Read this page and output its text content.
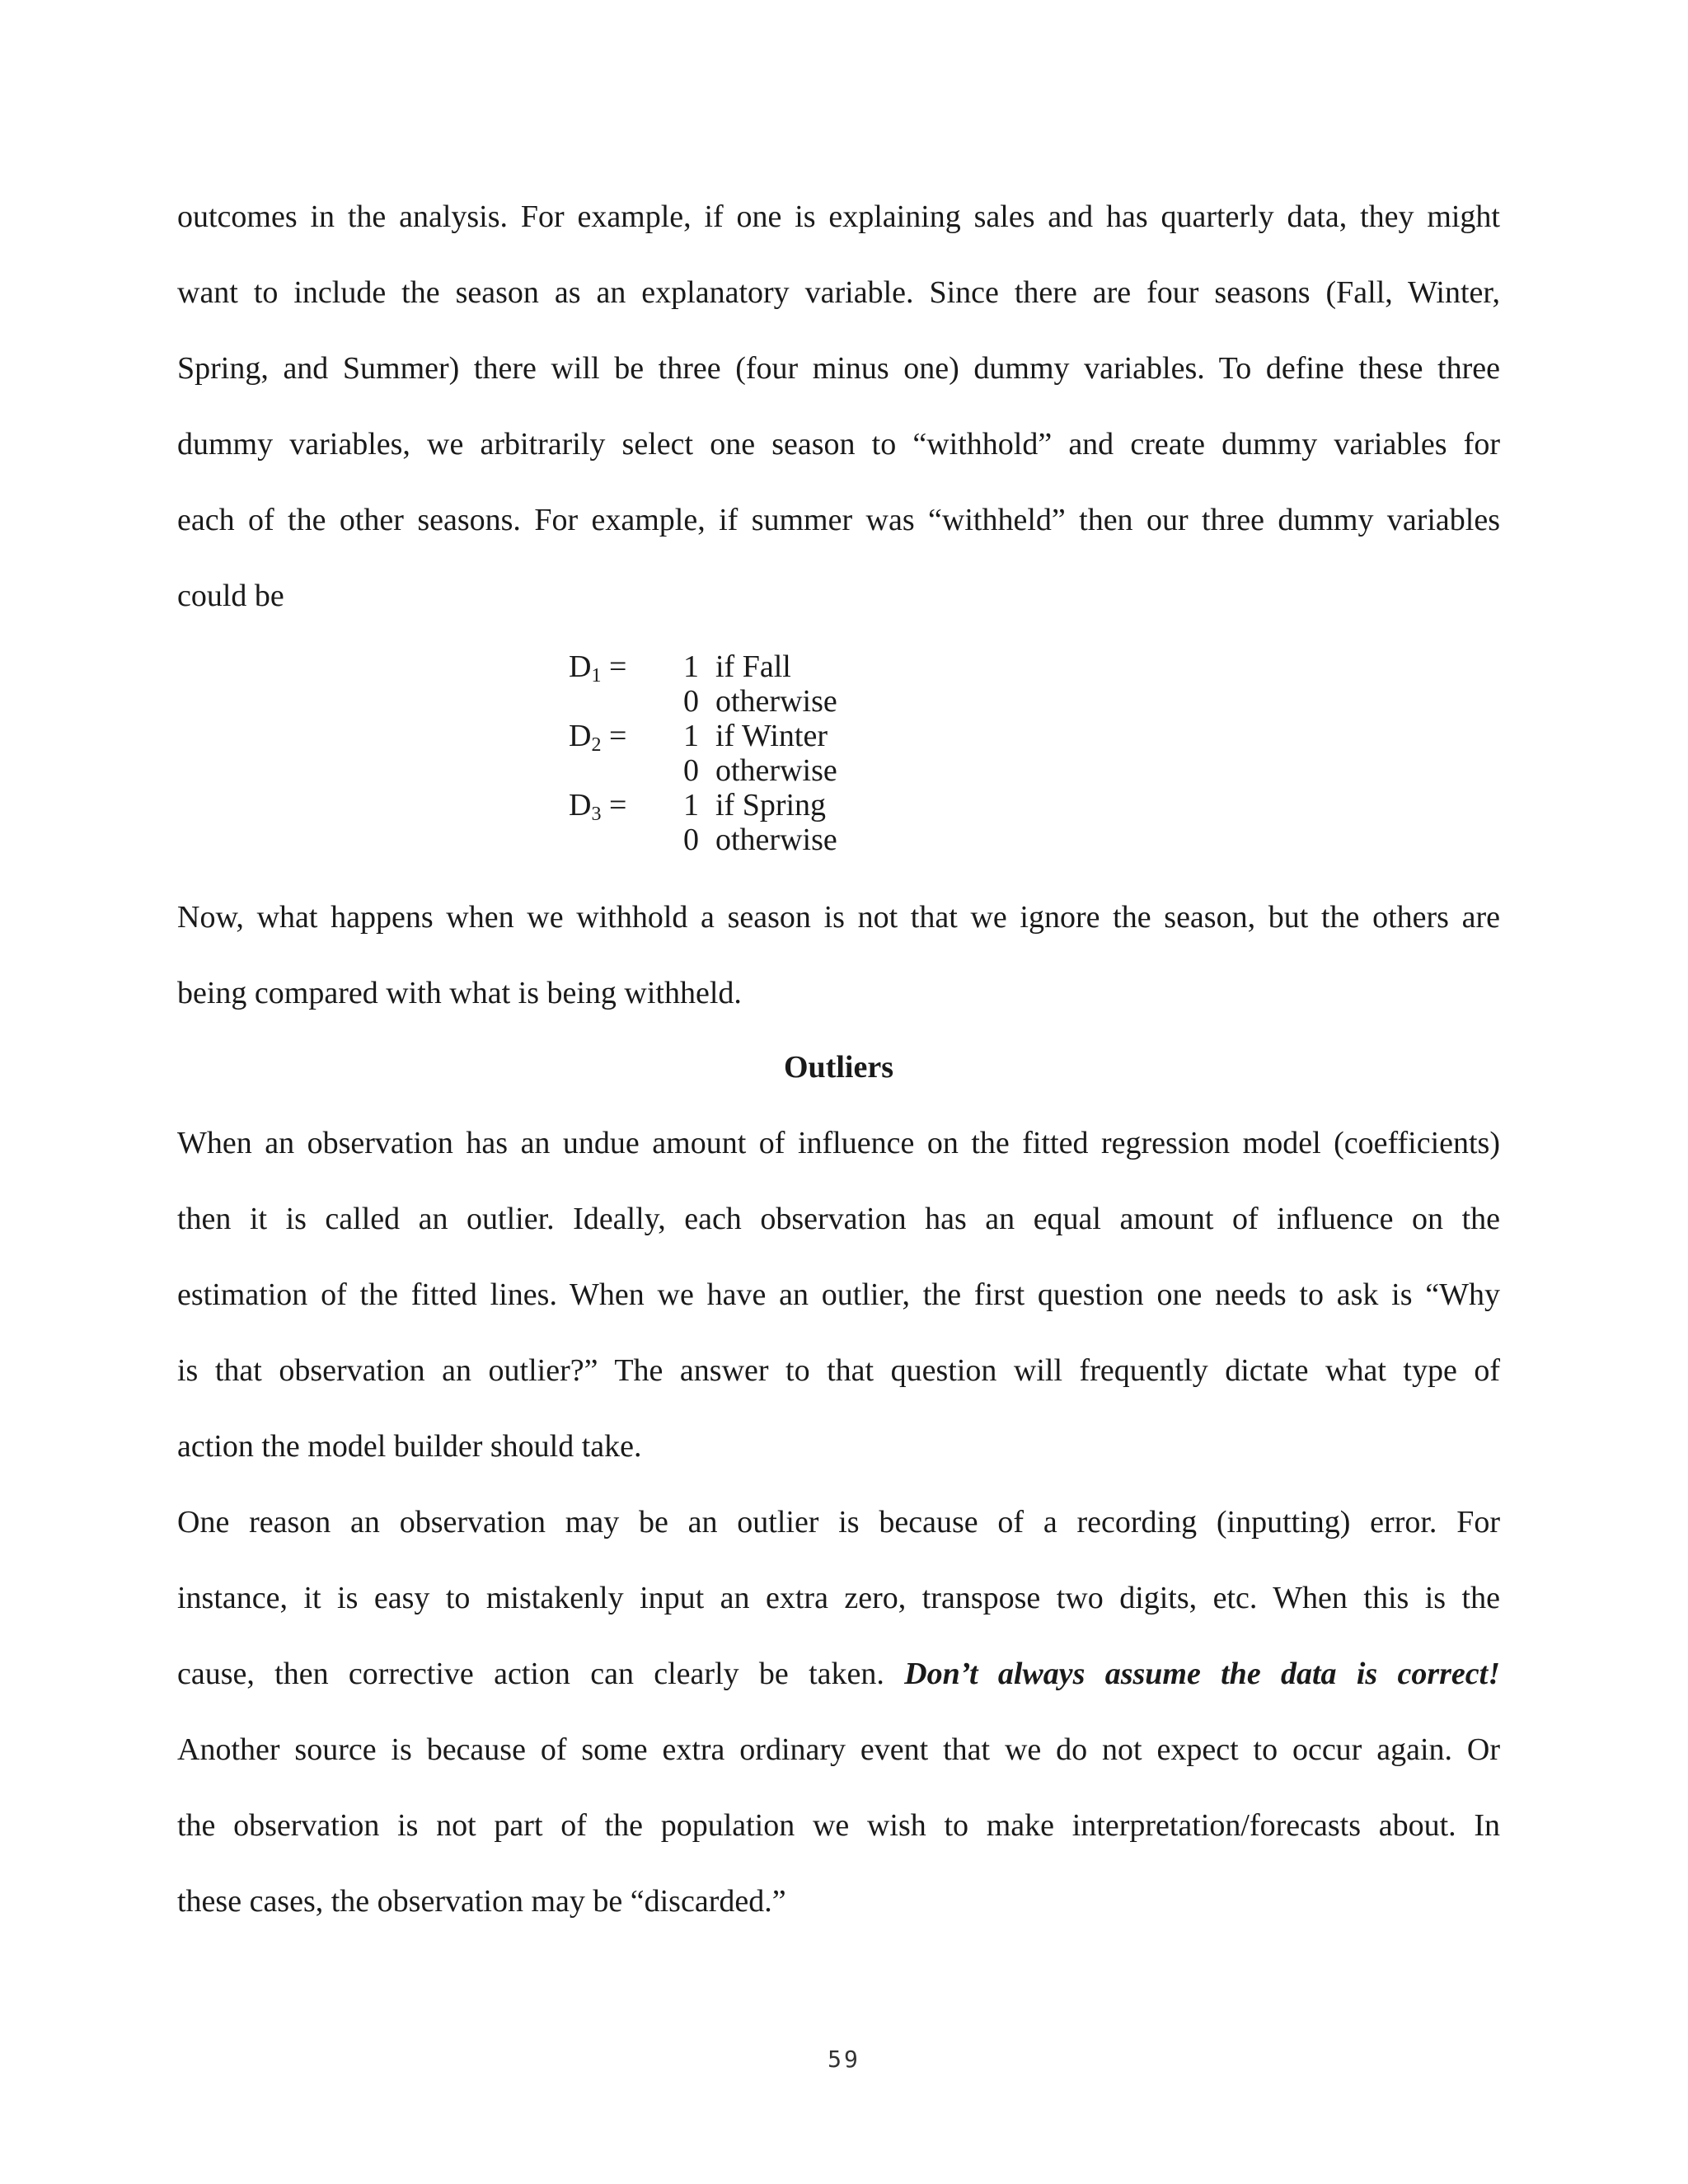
outcomes in the analysis. For example, if one is explaining sales and has quarterly data, they might
want to include the season as an explanatory variable. Since there are four seasons (Fall, Winter,
Spring, and Summer) there will be three (four minus one) dummy variables. To define these three
dummy variables, we arbitrarily select one season to “withhold” and create dummy variables for
each of the other seasons. For example, if summer was “withheld” then our three dummy variables
could be
$D_1$ =	1 if Fall
0 otherwise
$D_2$ =	1 if Winter
0 otherwise
$D_3$ =	1 if Spring
0 otherwise
Now, what happens when we withhold a season is not that we ignore the season, but the others are
being compared with what is being withheld.
Outliers
When an observation has an undue amount of influence on the fitted regression model (coefficients)
then it is called an outlier. Ideally, each observation has an equal amount of influence on the
estimation of the fitted lines. When we have an outlier, the first question one needs to ask is “Why
is that observation an outlier?” The answer to that question will frequently dictate what type of
action the model builder should take.
One reason an observation may be an outlier is because of a recording (inputting) error. For
instance, it is easy to mistakenly input an extra zero, transpose two digits, etc. When this is the
cause, then corrective action can clearly be taken. Don’t always assume the data is correct!
Another source is because of some extra ordinary event that we do not expect to occur again. Or
the observation is not part of the population we wish to make interpretation/forecasts about. In
these cases, the observation may be “discarded.”
59
